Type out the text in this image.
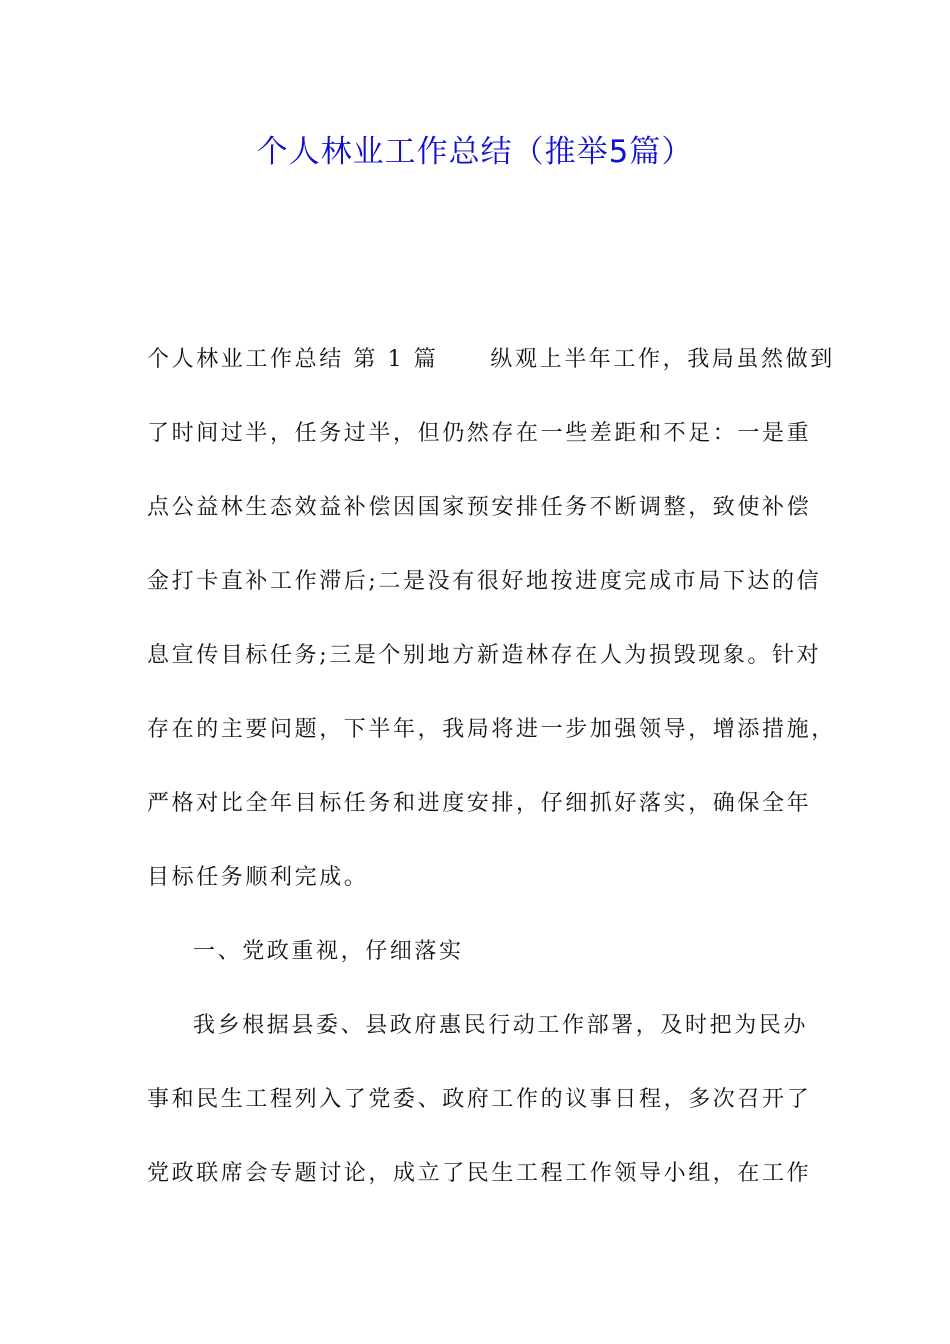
个人林业工作总结（推举5篇）
个人林业工作总结 第 1 篇 纵观上半年工作，我局虽然做到
了时间过半，任务过半，但仍然存在一些差距和不足：一是重
点公益林生态效益补偿因国家预安排任务不断调整，致使补偿
金打卡直补工作滞后;二是没有很好地按进度完成市局下达的信
息宣传目标任务;三是个别地方新造林存在人为损毁现象。针对
存在的主要问题，下半年，我局将进一步加强领导，增添措施，
严格对比全年目标任务和进度安排，仔细抓好落实，确保全年
目标任务顺利完成。
一、党政重视，仔细落实
我乡根据县委、县政府惠民行动工作部署，及时把为民办
事和民生工程列入了党委、政府工作的议事日程，多次召开了
党政联席会专题讨论，成立了民生工程工作领导小组，在工作
